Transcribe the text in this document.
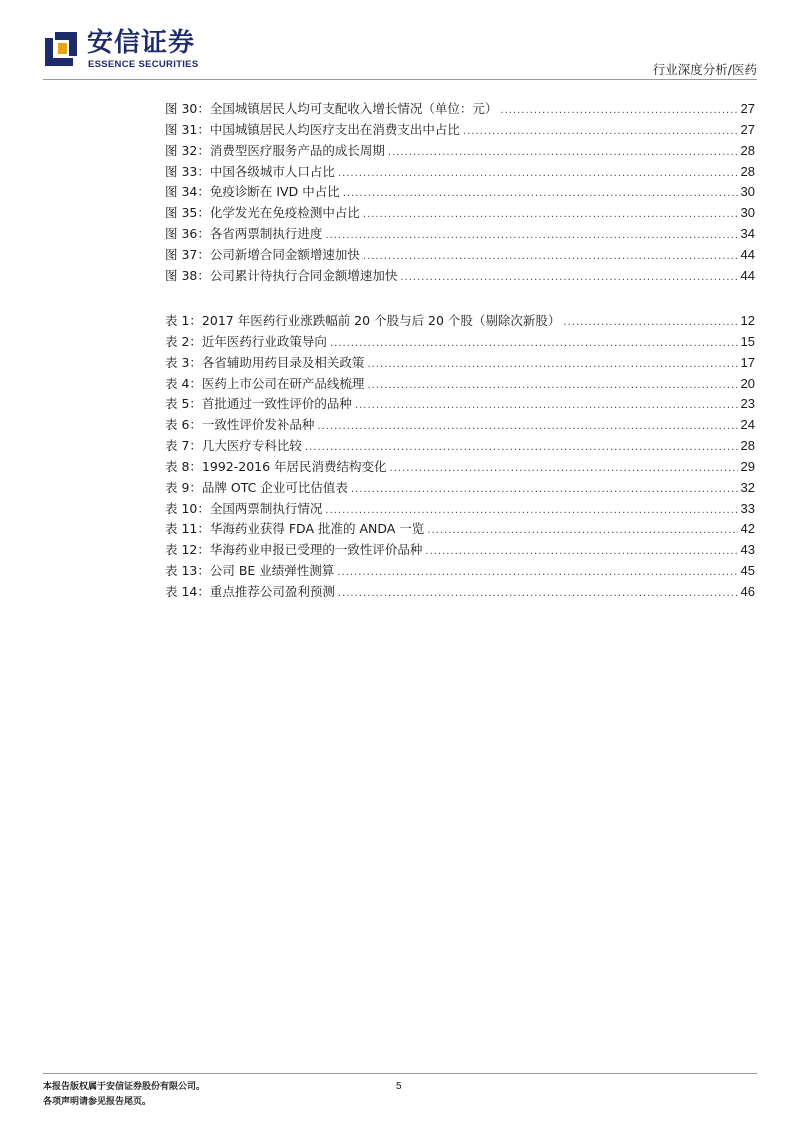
安信证券
ESSENCE SECURITIES	行业深度分析/医药
图 30：全国城镇居民人均可支配收入增长情况（单位：元） .....	27
图 31：中国城镇居民人均医疗支出在消费支出中占比 .....	27
图 32：消费型医疗服务产品的成长周期 .....	28
图 33：中国各级城市人口占比 .....	28
图 34：免疫诊断在 IVD 中占比 .....	30
图 35：化学发光在免疫检测中占比 .....	30
图 36：各省两票制执行进度 .....	34
图 37：公司新增合同金额增速加快 .....	44
图 38：公司累计待执行合同金额增速加快 .....	44
表 1：2017 年医药行业涨跌幅前 20 个股与后 20 个股（剔除次新股） .....	12
表 2：近年医药行业政策导向 .....	15
表 3：各省辅助用药目录及相关政策 .....	17
表 4：医药上市公司在研产品线梳理 .....	20
表 5：首批通过一致性评价的品种 .....	23
表 6：一致性评价发补品种 .....	24
表 7：几大医疗专科比较 .....	28
表 8：1992-2016 年居民消费结构变化 .....	29
表 9：品牌 OTC 企业可比估值表 .....	32
表 10：全国两票制执行情况 .....	33
表 11：华海药业获得 FDA 批准的 ANDA 一览 .....	42
表 12：华海药业申报已受理的一致性评价品种 .....	43
表 13：公司 BE 业绩弹性测算 .....	45
表 14：重点推荐公司盈利预测 .....	46
本报告版权属于安信证券股份有限公司。
各项声明请参见报告尾页。
5
